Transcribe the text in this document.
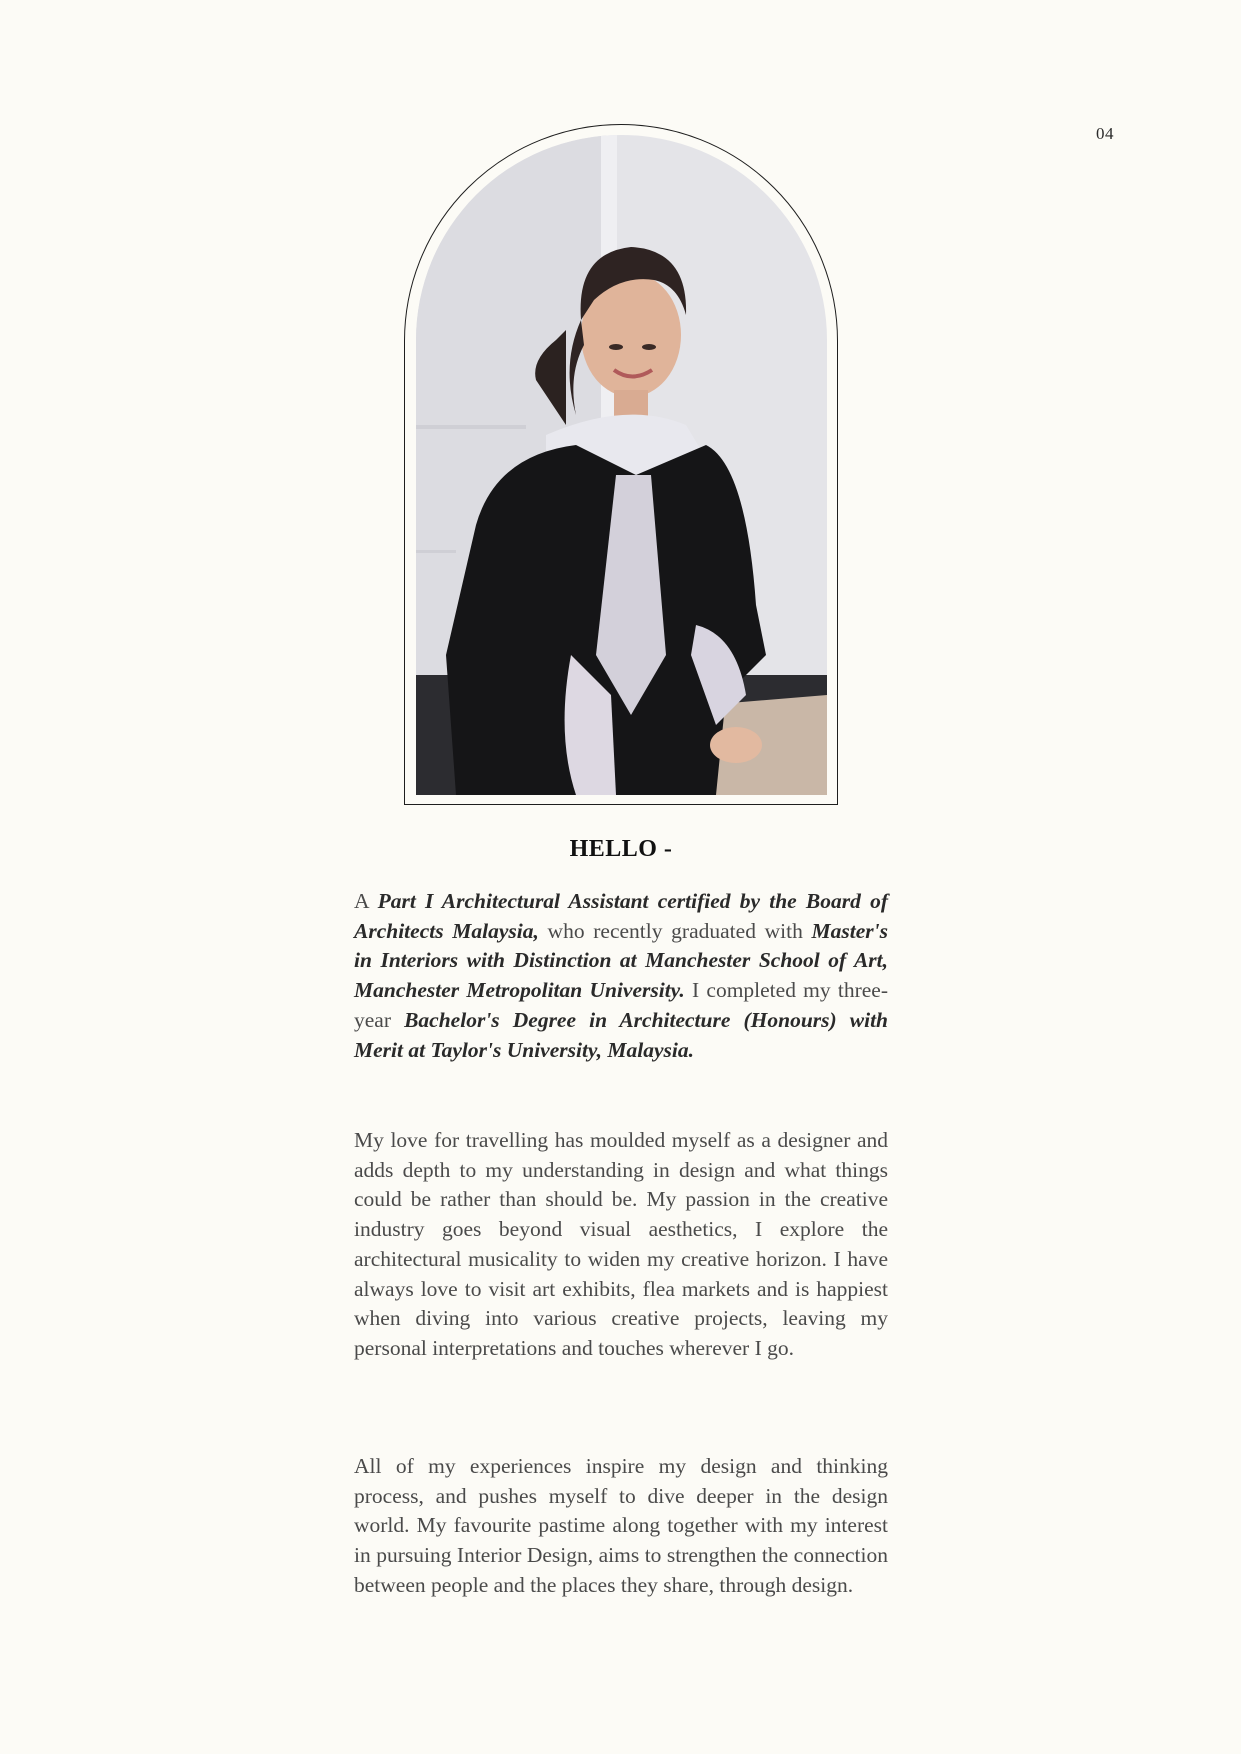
04
HELLO -

A Part I Architectural Assistant certified by the Board of Architects Malaysia, who recently graduated with Master's in Interiors with Distinction at Manchester School of Art, Manchester Metropolitan University. I completed my three-year Bachelor's Degree in Architecture (Honours) with Merit at Taylor's University, Malaysia.

My love for travelling has moulded myself as a designer and adds depth to my understanding in design and what things could be rather than should be. My passion in the creative industry goes beyond visual aesthetics, I explore the architectural musicality to widen my creative horizon. I have always love to visit art exhibits, flea markets and is happiest when diving into various creative projects, leaving my personal interpretations and touches wherever I go.

All of my experiences inspire my design and thinking process, and pushes myself to dive deeper in the design world. My favourite pastime along together with my interest in pursuing Interior Design, aims to strengthen the connection between people and the places they share, through design.
